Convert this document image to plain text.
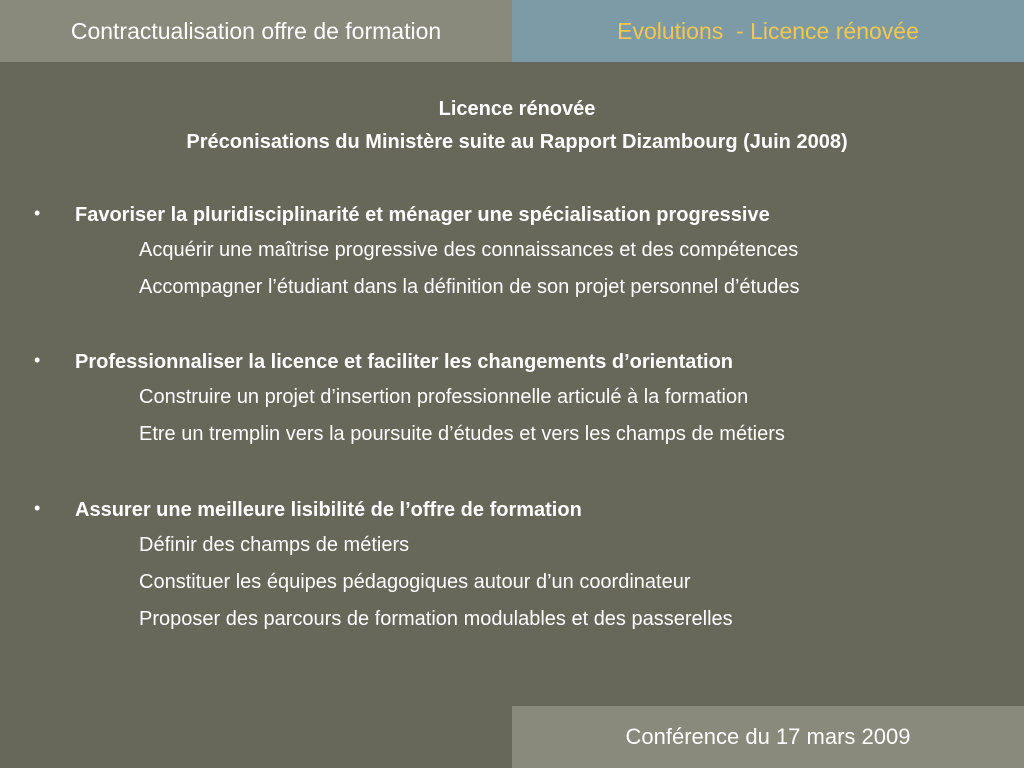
Contractualisation offre de formation	Evolutions  - Licence rénovée
Licence rénovée
Préconisations du Ministère suite au Rapport Dizambourg (Juin 2008)
• Favoriser la pluridisciplinarité et ménager une spécialisation progressive
Acquérir une maîtrise progressive des connaissances et des compétences
Accompagner l’étudiant dans la définition de son projet personnel d’études
• Professionnaliser la licence et faciliter les changements d’orientation
Construire un projet d’insertion professionnelle articulé à la formation
Etre un tremplin vers la poursuite d’études et vers les champs de métiers
• Assurer une meilleure lisibilité de l’offre de formation
Définir des champs de métiers
Constituer les équipes pédagogiques autour d’un coordinateur
Proposer des parcours de formation modulables et des passerelles
Conférence du 17 mars 2009
